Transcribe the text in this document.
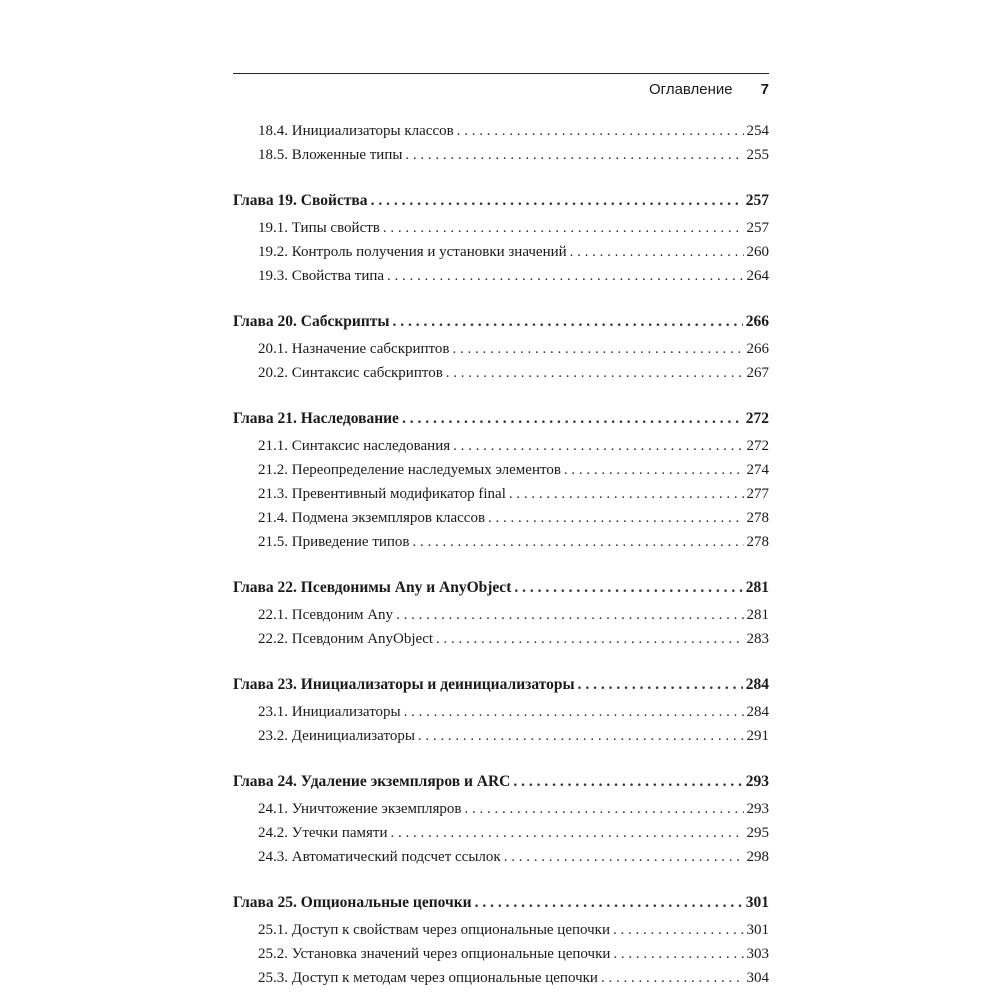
Оглавление 7
18.4. Инициализаторы классов . . .	254
18.5. Вложенные типы . . .	255
Глава 19. Свойства . . .	257
19.1. Типы свойств . . .	257
19.2. Контроль получения и установки значений . . .	260
19.3. Свойства типа . . .	264
Глава 20. Сабскрипты . . .	266
20.1. Назначение сабскриптов . . .	266
20.2. Синтаксис сабскриптов . . .	267
Глава 21. Наследование . . .	272
21.1. Синтаксис наследования . . .	272
21.2. Переопределение наследуемых элементов . . .	274
21.3. Превентивный модификатор final . . .	277
21.4. Подмена экземпляров классов . . .	278
21.5. Приведение типов . . .	278
Глава 22. Псевдонимы Any и AnyObject . . .	281
22.1. Псевдоним Any . . .	281
22.2. Псевдоним AnyObject . . .	283
Глава 23. Инициализаторы и деинициализаторы . . .	284
23.1. Инициализаторы . . .	284
23.2. Деинициализаторы . . .	291
Глава 24. Удаление экземпляров и ARC . . .	293
24.1. Уничтожение экземпляров . . .	293
24.2. Утечки памяти . . .	295
24.3. Автоматический подсчет ссылок . . .	298
Глава 25. Опциональные цепочки . . .	301
25.1. Доступ к свойствам через опциональные цепочки . . .	301
25.2. Установка значений через опциональные цепочки . . .	303
25.3. Доступ к методам через опциональные цепочки . . .	304
